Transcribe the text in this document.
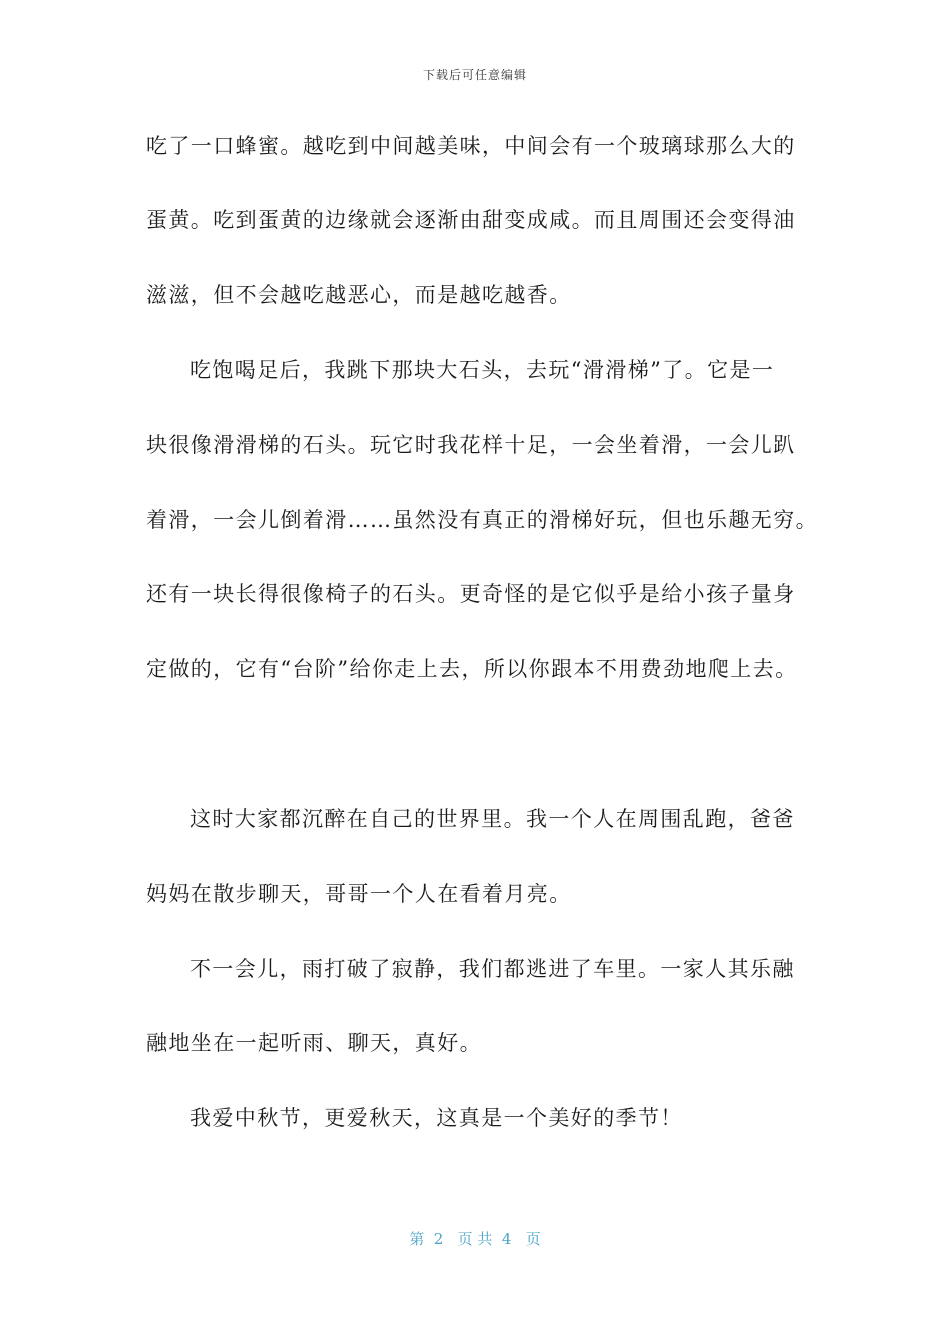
下载后可任意编辑
吃了一口蜂蜜。越吃到中间越美味，中间会有一个玻璃球那么大的
蛋黄。吃到蛋黄的边缘就会逐渐由甜变成咸。而且周围还会变得油
滋滋，但不会越吃越恶心，而是越吃越香。
吃饱喝足后，我跳下那块大石头，去玩“滑滑梯”了。它是一
块很像滑滑梯的石头。玩它时我花样十足，一会坐着滑，一会儿趴
着滑，一会儿倒着滑……虽然没有真正的滑梯好玩，但也乐趣无穷。
还有一块长得很像椅子的石头。更奇怪的是它似乎是给小孩子量身
定做的，它有“台阶”给你走上去，所以你跟本不用费劲地爬上去。
这时大家都沉醉在自己的世界里。我一个人在周围乱跑，爸爸
妈妈在散步聊天，哥哥一个人在看着月亮。
不一会儿，雨打破了寂静，我们都逃进了车里。一家人其乐融
融地坐在一起听雨、聊天，真好。
我爱中秋节，更爱秋天，这真是一个美好的季节！
第  2   页 共  4   页
